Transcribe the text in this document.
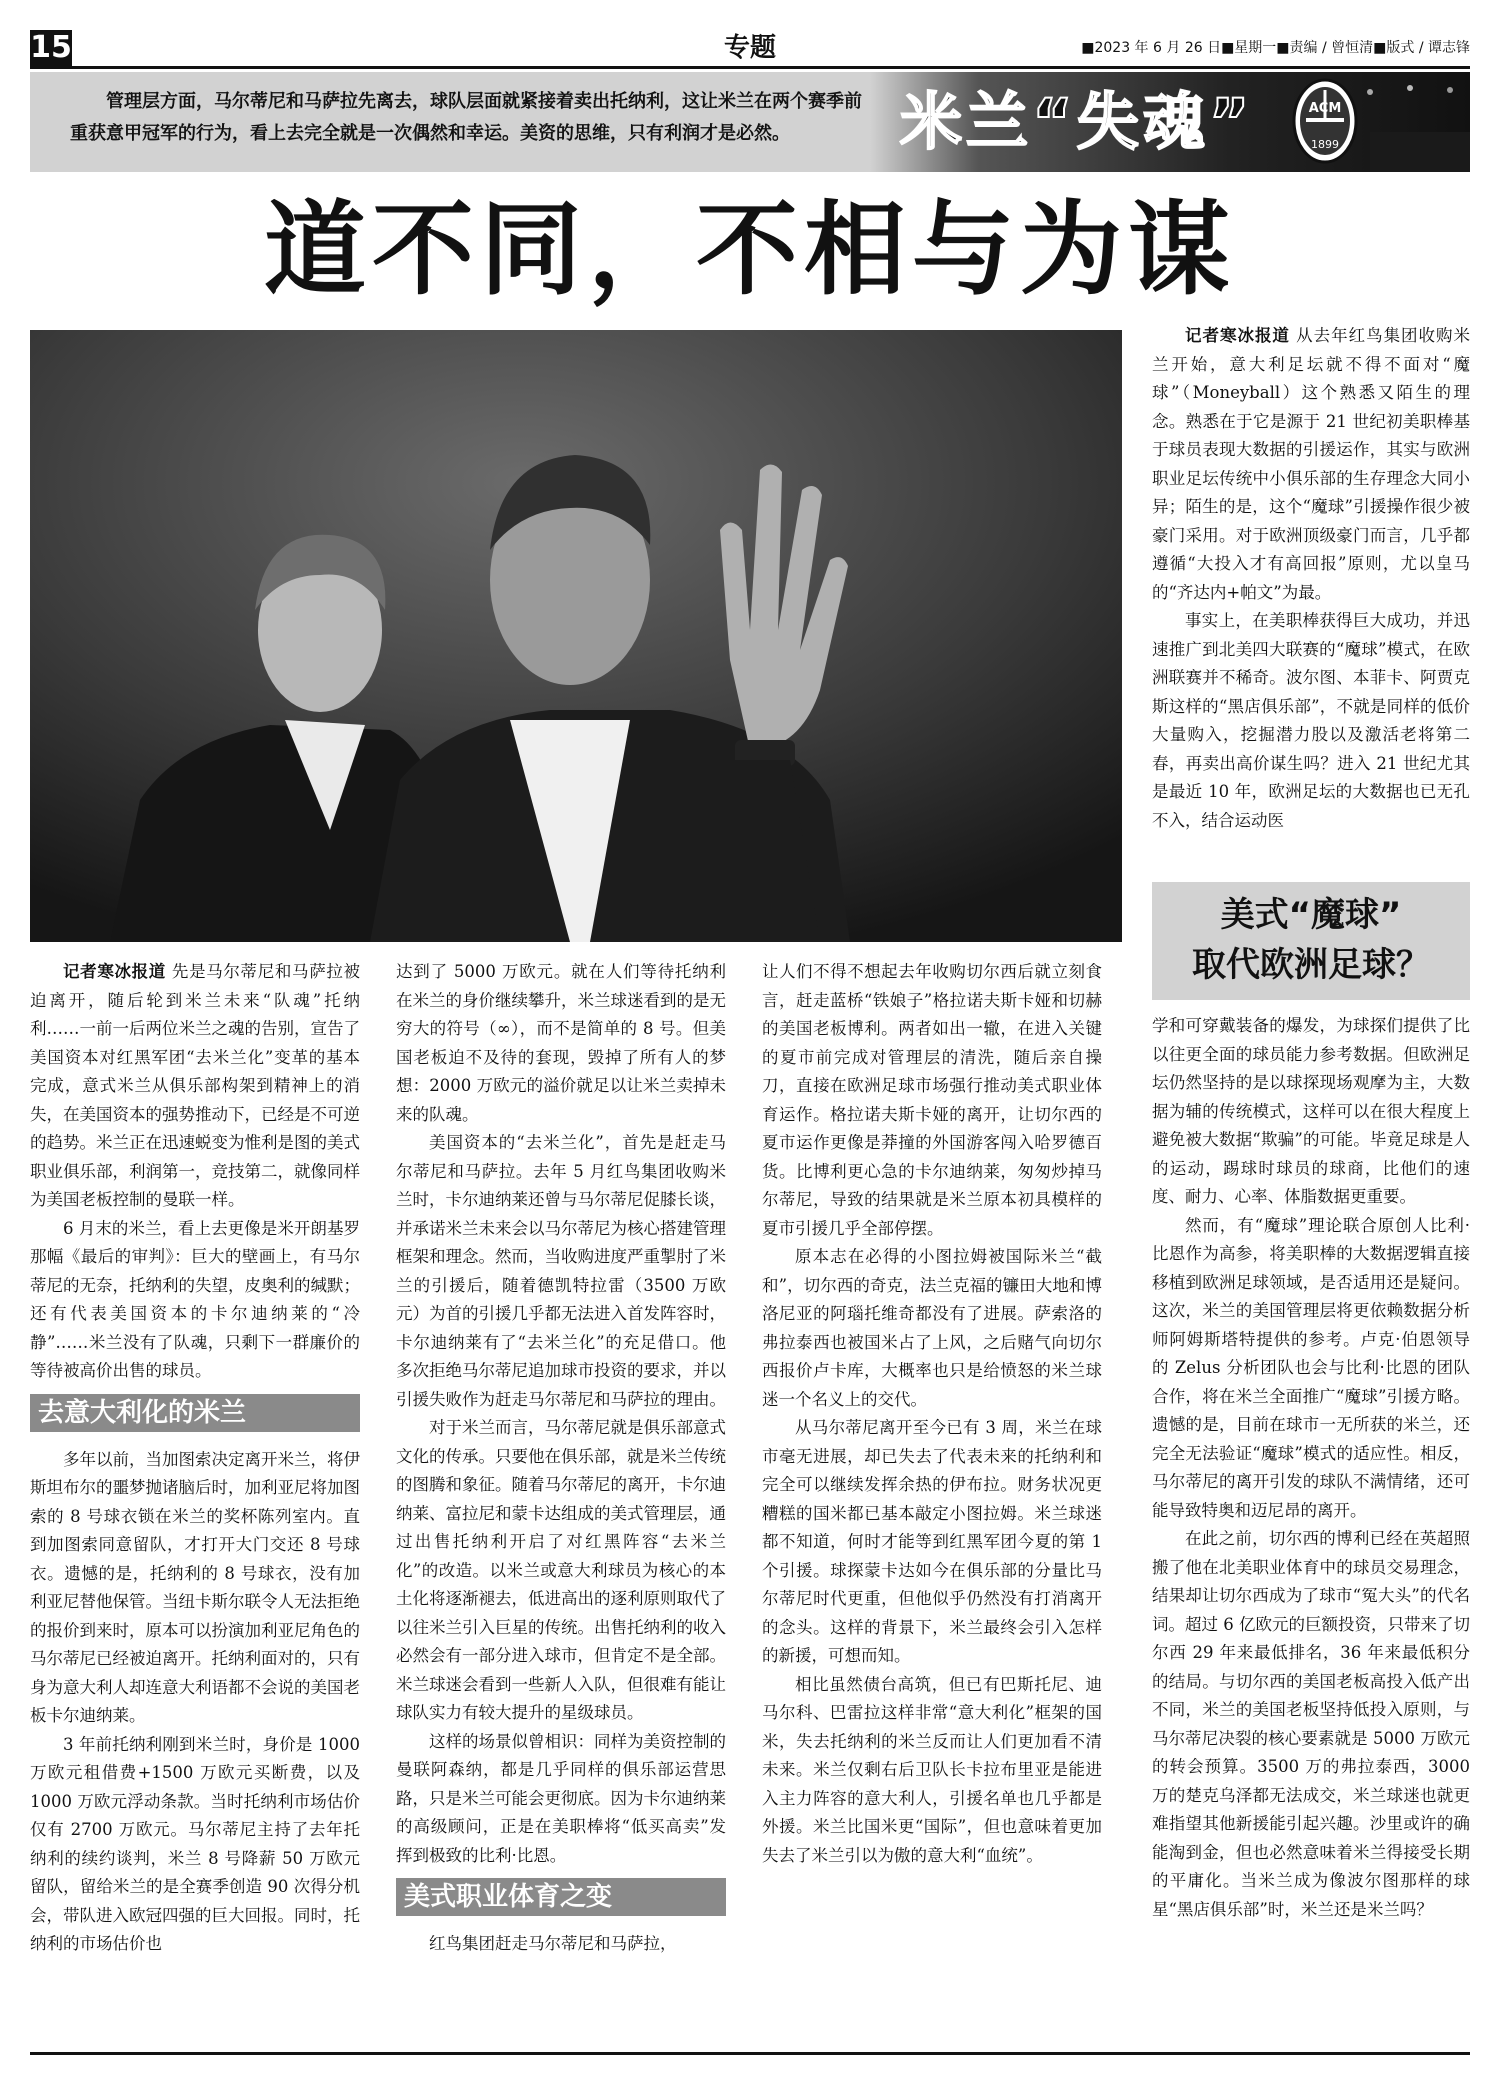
15	专题	■2023 年 6 月 26 日■星期一■责编 / 曾恒清■版式 / 谭志锋
管理层方面，马尔蒂尼和马萨拉先离去，球队层面就紧接着卖出托纳利，这让米兰在两个赛季前重获意甲冠军的行为，看上去完全就是一次偶然和幸运。美资的思维，只有利润才是必然。	米兰“失魂”	ACM
1899
道不同，不相与为谋

记者寒冰报道 先是马尔蒂尼和马萨拉被迫离开，随后轮到米兰未来“队魂”托纳利……一前一后两位米兰之魂的告别，宣告了美国资本对红黑军团“去米兰化”变革的基本完成，意式米兰从俱乐部构架到精神上的消失，在美国资本的强势推动下，已经是不可逆的趋势。米兰正在迅速蜕变为惟利是图的美式职业俱乐部，利润第一，竞技第二，就像同样为美国老板控制的曼联一样。

6 月末的米兰，看上去更像是米开朗基罗那幅《最后的审判》：巨大的壁画上，有马尔蒂尼的无奈，托纳利的失望，皮奥利的缄默；还有代表美国资本的卡尔迪纳莱的“冷静”……米兰没有了队魂，只剩下一群廉价的等待被高价出售的球员。

去意大利化的米兰

多年以前，当加图索决定离开米兰，将伊斯坦布尔的噩梦抛诸脑后时，加利亚尼将加图索的 8 号球衣锁在米兰的奖杯陈列室内。直到加图索同意留队，才打开大门交还 8 号球衣。遗憾的是，托纳利的 8 号球衣，没有加利亚尼替他保管。当纽卡斯尔联令人无法拒绝的报价到来时，原本可以扮演加利亚尼角色的马尔蒂尼已经被迫离开。托纳利面对的，只有身为意大利人却连意大利语都不会说的美国老板卡尔迪纳莱。

3 年前托纳利刚到米兰时，身价是 1000 万欧元租借费+1500 万欧元买断费，以及 1000 万欧元浮动条款。当时托纳利市场估价仅有 2700 万欧元。马尔蒂尼主持了去年托纳利的续约谈判，米兰 8 号降薪 50 万欧元留队，留给米兰的是全赛季创造 90 次得分机会，带队进入欧冠四强的巨大回报。同时，托纳利的市场估价也

达到了 5000 万欧元。就在人们等待托纳利在米兰的身价继续攀升，米兰球迷看到的是无穷大的符号（∞），而不是简单的 8 号。但美国老板迫不及待的套现，毁掉了所有人的梦想：2000 万欧元的溢价就足以让米兰卖掉未来的队魂。

美国资本的“去米兰化”，首先是赶走马尔蒂尼和马萨拉。去年 5 月红鸟集团收购米兰时，卡尔迪纳莱还曾与马尔蒂尼促膝长谈，并承诺米兰未来会以马尔蒂尼为核心搭建管理框架和理念。然而，当收购进度严重掣肘了米兰的引援后，随着德凯特拉雷（3500 万欧元）为首的引援几乎都无法进入首发阵容时，卡尔迪纳莱有了“去米兰化”的充足借口。他多次拒绝马尔蒂尼追加球市投资的要求，并以引援失败作为赶走马尔蒂尼和马萨拉的理由。

对于米兰而言，马尔蒂尼就是俱乐部意式文化的传承。只要他在俱乐部，就是米兰传统的图腾和象征。随着马尔蒂尼的离开，卡尔迪纳莱、富拉尼和蒙卡达组成的美式管理层，通过出售托纳利开启了对红黑阵容“去米兰化”的改造。以米兰或意大利球员为核心的本土化将逐渐褪去，低进高出的逐利原则取代了以往米兰引入巨星的传统。出售托纳利的收入必然会有一部分进入球市，但肯定不是全部。米兰球迷会看到一些新人入队，但很难有能让球队实力有较大提升的星级球员。

这样的场景似曾相识：同样为美资控制的曼联阿森纳，都是几乎同样的俱乐部运营思路，只是米兰可能会更彻底。因为卡尔迪纳莱的高级顾问，正是在美职棒将“低买高卖”发挥到极致的比利·比恩。

美式职业体育之变

红鸟集团赶走马尔蒂尼和马萨拉，

让人们不得不想起去年收购切尔西后就立刻食言，赶走蓝桥“铁娘子”格拉诺夫斯卡娅和切赫的美国老板博利。两者如出一辙，在进入关键的夏市前完成对管理层的清洗，随后亲自操刀，直接在欧洲足球市场强行推动美式职业体育运作。格拉诺夫斯卡娅的离开，让切尔西的夏市运作更像是莽撞的外国游客闯入哈罗德百货。比博利更心急的卡尔迪纳莱，匆匆炒掉马尔蒂尼，导致的结果就是米兰原本初具模样的夏市引援几乎全部停摆。

原本志在必得的小图拉姆被国际米兰“截和”，切尔西的奇克，法兰克福的镰田大地和博洛尼亚的阿瑙托维奇都没有了进展。萨索洛的弗拉泰西也被国米占了上风，之后赌气向切尔西报价卢卡库，大概率也只是给愤怒的米兰球迷一个名义上的交代。

从马尔蒂尼离开至今已有 3 周，米兰在球市毫无进展，却已失去了代表未来的托纳利和完全可以继续发挥余热的伊布拉。财务状况更糟糕的国米都已基本敲定小图拉姆。米兰球迷都不知道，何时才能等到红黑军团今夏的第 1 个引援。球探蒙卡达如今在俱乐部的分量比马尔蒂尼时代更重，但他似乎仍然没有打消离开的念头。这样的背景下，米兰最终会引入怎样的新援，可想而知。

相比虽然债台高筑，但已有巴斯托尼、迪马尔科、巴雷拉这样非常“意大利化”框架的国米，失去托纳利的米兰反而让人们更加看不清未来。米兰仅剩右后卫队长卡拉布里亚是能进入主力阵容的意大利人，引援名单也几乎都是外援。米兰比国米更“国际”，但也意味着更加失去了米兰引以为傲的意大利“血统”。

记者寒冰报道 从去年红鸟集团收购米兰开始，意大利足坛就不得不面对“魔球”（Moneyball）这个熟悉又陌生的理念。熟悉在于它是源于 21 世纪初美职棒基于球员表现大数据的引援运作，其实与欧洲职业足坛传统中小俱乐部的生存理念大同小异；陌生的是，这个“魔球”引援操作很少被豪门采用。对于欧洲顶级豪门而言，几乎都遵循“大投入才有高回报”原则，尤以皇马的“齐达内+帕文”为最。

事实上，在美职棒获得巨大成功，并迅速推广到北美四大联赛的“魔球”模式，在欧洲联赛并不稀奇。波尔图、本菲卡、阿贾克斯这样的“黑店俱乐部”，不就是同样的低价大量购入，挖掘潜力股以及激活老将第二春，再卖出高价谋生吗？进入 21 世纪尤其是最近 10 年，欧洲足坛的大数据也已无孔不入，结合运动医

美式“魔球”
取代欧洲足球？

学和可穿戴装备的爆发，为球探们提供了比以往更全面的球员能力参考数据。但欧洲足坛仍然坚持的是以球探现场观摩为主，大数据为辅的传统模式，这样可以在很大程度上避免被大数据“欺骗”的可能。毕竟足球是人的运动，踢球时球员的球商，比他们的速度、耐力、心率、体脂数据更重要。

然而，有“魔球”理论联合原创人比利·比恩作为高参，将美职棒的大数据逻辑直接移植到欧洲足球领域，是否适用还是疑问。这次，米兰的美国管理层将更依赖数据分析师阿姆斯塔特提供的参考。卢克·伯恩领导的 Zelus 分析团队也会与比利·比恩的团队合作，将在米兰全面推广“魔球”引援方略。遗憾的是，目前在球市一无所获的米兰，还完全无法验证“魔球”模式的适应性。相反，马尔蒂尼的离开引发的球队不满情绪，还可能导致特奥和迈尼昂的离开。

在此之前，切尔西的博利已经在英超照搬了他在北美职业体育中的球员交易理念，结果却让切尔西成为了球市“冤大头”的代名词。超过 6 亿欧元的巨额投资，只带来了切尔西 29 年来最低排名，36 年来最低积分的结局。与切尔西的美国老板高投入低产出不同，米兰的美国老板坚持低投入原则，与马尔蒂尼决裂的核心要素就是 5000 万欧元的转会预算。3500 万的弗拉泰西，3000 万的楚克乌泽都无法成交，米兰球迷也就更难指望其他新援能引起兴趣。沙里或许的确能淘到金，但也必然意味着米兰得接受长期的平庸化。当米兰成为像波尔图那样的球星“黑店俱乐部”时，米兰还是米兰吗？
